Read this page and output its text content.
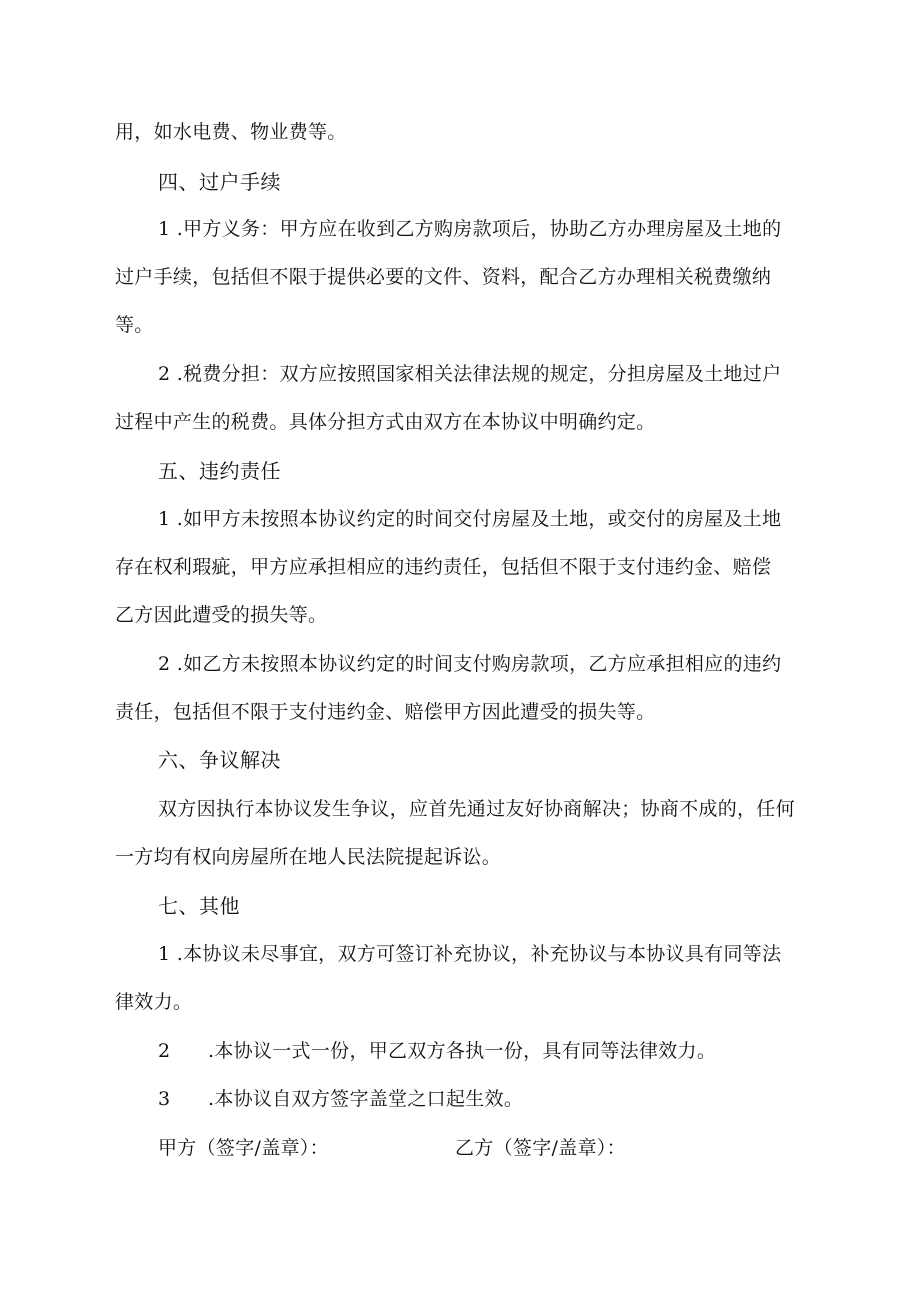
用，如水电费、物业费等。
四、过户手续
1 .甲方义务：甲方应在收到乙方购房款项后，协助乙方办理房屋及土地的
过户手续，包括但不限于提供必要的文件、资料，配合乙方办理相关税费缴纳
等。
2 .税费分担：双方应按照国家相关法律法规的规定，分担房屋及土地过户
过程中产生的税费。具体分担方式由双方在本协议中明确约定。
五、违约责任
1 .如甲方未按照本协议约定的时间交付房屋及土地，或交付的房屋及土地
存在权利瑕疵，甲方应承担相应的违约责任，包括但不限于支付违约金、赔偿
乙方因此遭受的损失等。
2 .如乙方未按照本协议约定的时间支付购房款项，乙方应承担相应的违约
责任，包括但不限于支付违约金、赔偿甲方因此遭受的损失等。
六、争议解决
双方因执行本协议发生争议，应首先通过友好协商解决；协商不成的，任何
一方均有权向房屋所在地人民法院提起诉讼。
七、其他
1 .本协议未尽事宜，双方可签订补充协议，补充协议与本协议具有同等法
律效力。
2 .本协议一式一份，甲乙双方各执一份，具有同等法律效力。
3 .本协议自双方签字盖堂之口起生效。
甲方（签字/盖章）：	乙方（签字/盖章）：
